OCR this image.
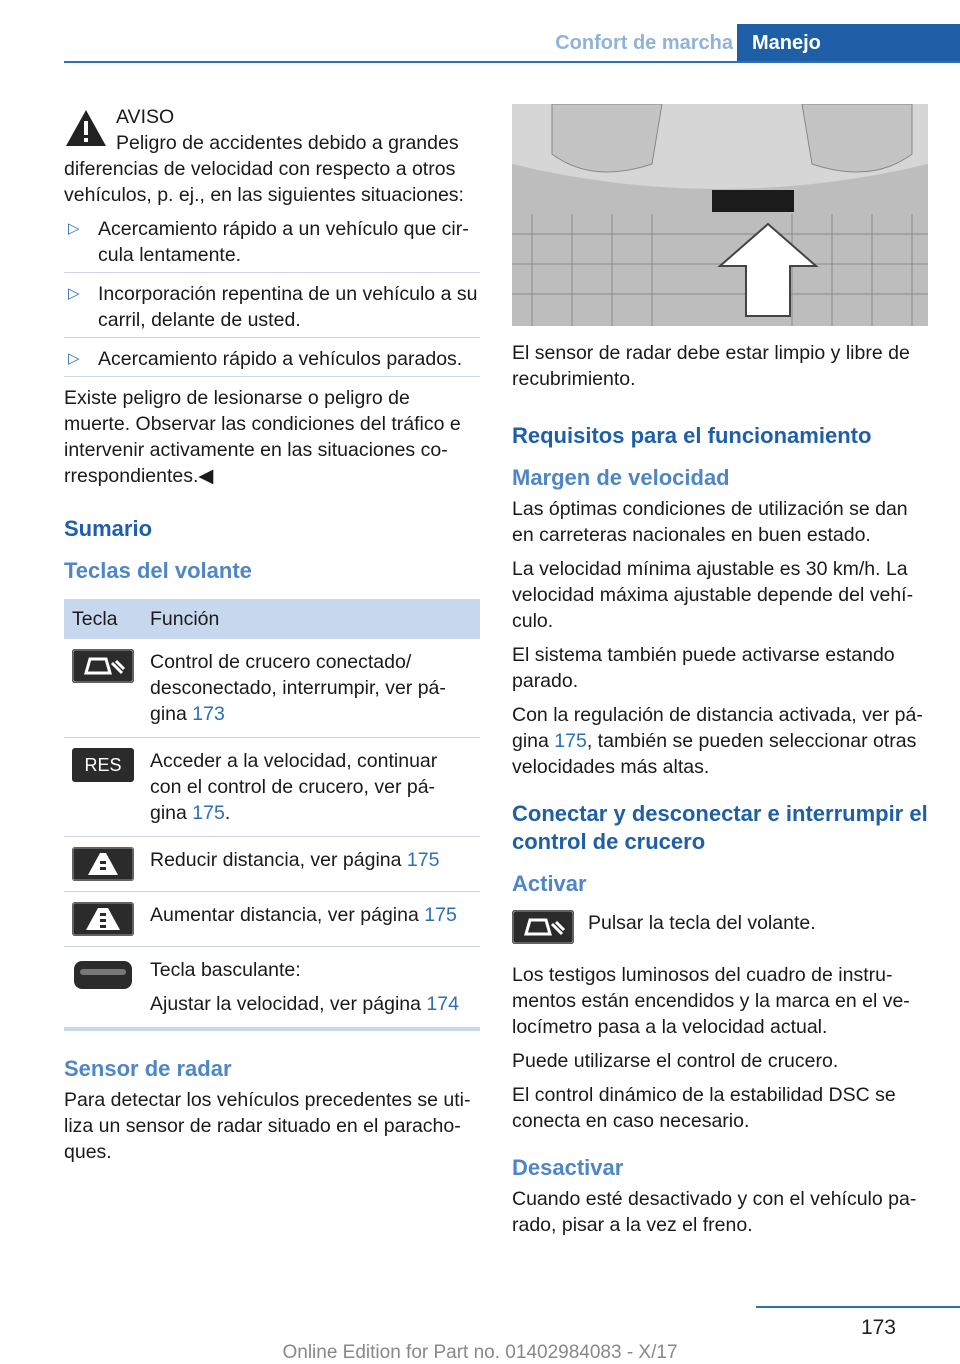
Confort de marcha Manejo

AVISO

Peligro de accidentes debido a grandes

diferencias de velocidad con respecto a otros vehículos, p. ej., en las siguientes situaciones:

▷ Acercamiento rápido a un vehículo que cir‐ cula lentamente.
▷ Incorporación repentina de un vehículo a su carril, delante de usted.
▷ Acercamiento rápido a vehículos parados.

Existe peligro de lesionarse o peligro de muerte. Observar las condiciones del tráfico e intervenir activamente en las situaciones co‐ rrespondientes.◀

Sumario
Teclas del volante
Tecla	Función

	Control de crucero conectado/ desconectado, interrumpir, ver pá‐ gina 173

RES	Acceder a la velocidad, continuar con el control de crucero, ver pá‐ gina 175.

	Reducir distancia, ver página 175

	Aumentar distancia, ver página 175

Tecla basculante:
Ajustar la velocidad, ver página 174
Sensor de radar

Para detectar los vehículos precedentes se uti‐ liza un sensor de radar situado en el paracho‐ ques.

El sensor de radar debe estar limpio y libre de recubrimiento.

Requisitos para el funcionamiento
Margen de velocidad

Las óptimas condiciones de utilización se dan en carreteras nacionales en buen estado.

La velocidad mínima ajustable es 30 km/h. La velocidad máxima ajustable depende del vehí‐ culo.

El sistema también puede activarse estando parado.

Con la regulación de distancia activada, ver pá‐ gina 175, también se pueden seleccionar otras velocidades más altas.

Conectar y desconectar e interrumpir el control de crucero
Activar
Pulsar la tecla del volante.

Los testigos luminosos del cuadro de instru‐ mentos están encendidos y la marca en el ve‐ locímetro pasa a la velocidad actual.

Puede utilizarse el control de crucero.

El control dinámico de la estabilidad DSC se conecta en caso necesario.

Desactivar

Cuando esté desactivado y con el vehículo pa‐ rado, pisar a la vez el freno.

173
Online Edition for Part no. 01402984083 - X/17
